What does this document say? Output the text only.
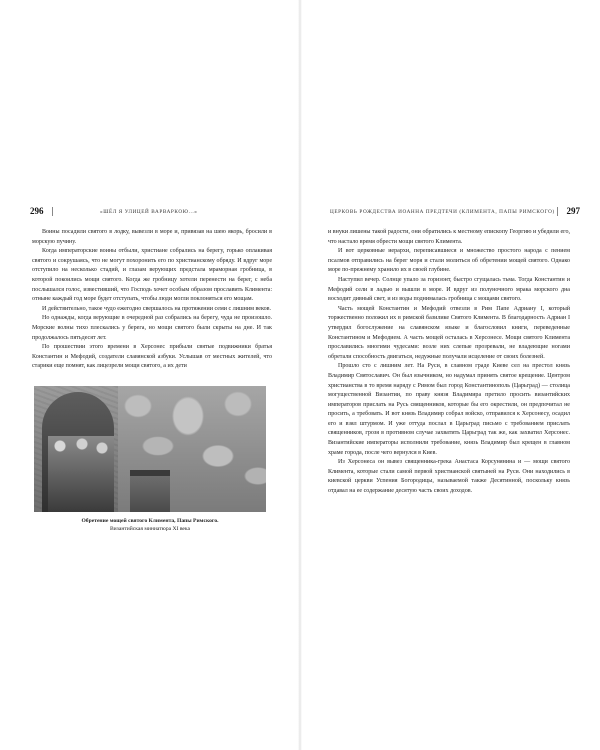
296	«ШЁЛ Я УЛИЦЕЙ ВАРВАРКОЮ...»

Воины посадили святого в лодку, вывезли в море и, привязав на шею якорь, бросили в морскую пучину.

Когда императорские воины отбыли, христиане собрались на берегу, горько оплакивая святого и сокрушаясь, что не могут похоронить его по христианскому обряду. И вдруг море отступило на несколько стадий, и глазам верующих предстала мраморная гробница, в которой покоились мощи святого. Когда же гробницу хотели перенести на берег, с неба послышался голос, известивший, что Господь хочет особым образом прославить Климента: отныне каждый год море будет отступать, чтобы люди могли поклоняться его мощам.

И действительно, такое чудо ежегодно свершалось на протяжении семи с лишним веков.

Но однажды, когда верующие в очередной раз собрались на берегу, чуда не произошло. Морские волны тихо плескались у берега, но мощи святого были скрыты на дне. И так продолжалось пятьдесят лет.

По прошествии этого времени в Херсонес прибыли святые подвижники братья Константин и Мефодий, создатели славянской азбуки. Услышав от местных жителей, что старики еще помнят, как лицезрели мощи святого, а их дети

Обретение мощей святого Климента, Папы Римского.
Византийская миниатюра XI века
ЦЕРКОВЬ РОЖДЕСТВА ИОАННА ПРЕДТЕЧИ (КЛИМЕНТА, ПАПЫ РИМСКОГО) 297

и внуки лишены такой радости, они обратились к местному епископу Георгию и убедили его, что настало время обрести мощи святого Климента.

И вот церковные иерархи, переписавшиеся и множество простого народа с пением псалмов отправились на берег моря и стали молиться об обретении мощей святого. Однако море по-прежнему хранило их в своей глубине.

Наступил вечер. Солнце упало за горизонт, быстро сгущалась тьма. Тогда Константин и Мефодий сели в ладью и вышли в море. И вдруг из полуночного мрака морского дна восходит дивный свет, и из воды поднималась гробница с мощами святого.

Часть мощей Константин и Мефодий отвезли в Рим Папе Адриану I, который торжественно положил их в римской базилике Святого Климента. В благодарность Адриан I утвердил богослужение на славянском языке и благословил книги, переведенные Константином и Мефодием. А часть мощей осталась в Херсонесе. Мощи святого Климента прославились многими чудесами: возле них слепые прозревали, не владеющие ногами обретали способность двигаться, недужные получали исцеление от своих болезней.

Прошло сто с лишним лет. На Руси, в славном граде Киеве сел на престол князь Владимир Святославич. Он был язычником, но надумал принять святое крещение. Центром христианства в то время наряду с Римом был город Константинополь (Царьград) — столица могущественной Византии, по праву князя Владимира претило просить византийских императоров прислать на Русь священников, которые бы его окрестили, он предпочитал не просить, а требовать. И вот князь Владимир собрал войско, отправился к Херсонесу, осадил его и взял штурмом. И уже оттуда послал в Царьград письмо с требованием прислать священников, грозя в противном случае захватить Царьград так же, как захватил Херсонес. Византийские императоры исполнили требование, князь Владимир был крещен в главном храме города, после чего вернулся в Киев.

Из Херсонеса он вывез священника-грека Анастаса Корсунянина и — мощи святого Климента, которые стали самой первой христианской святыней на Руси. Они находились в киевской церкви Успения Богородицы, называемой также Десятинной, поскольку князь отдавал на ее содержание десятую часть своих доходов.
